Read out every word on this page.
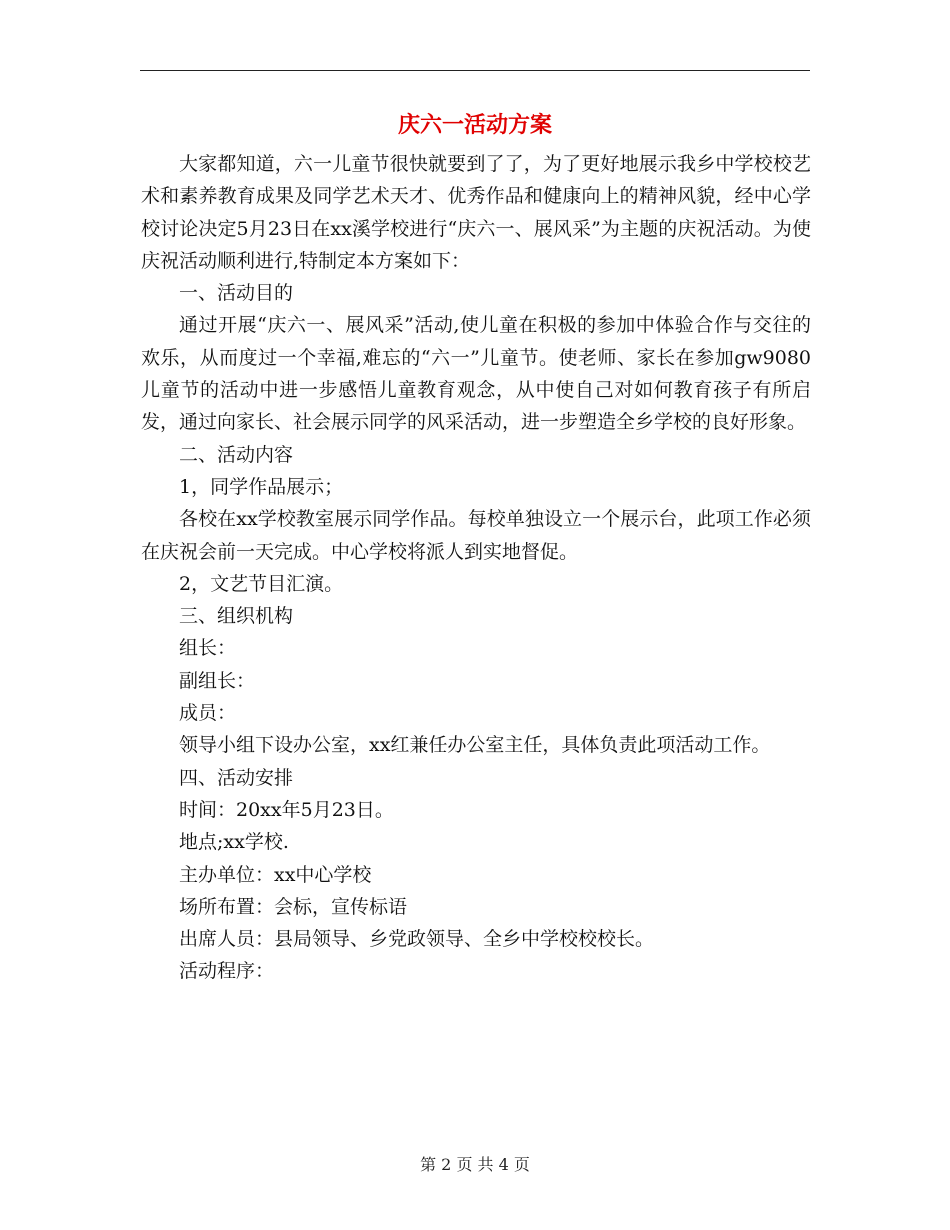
庆六一活动方案

大家都知道，六一儿童节很快就要到了了，为了更好地展示我乡中学校校艺术和素养教育成果及同学艺术天才、优秀作品和健康向上的精神风貌，经中心学校讨论决定5月23日在xx溪学校进行“庆六一、展风采”为主题的庆祝活动。为使庆祝活动顺利进行,特制定本方案如下：

一、活动目的

通过开展“庆六一、展风采”活动,使儿童在积极的参加中体验合作与交往的欢乐，从而度过一个幸福,难忘的“六一”儿童节。使老师、家长在参加gw9080儿童节的活动中进一步感悟儿童教育观念，从中使自己对如何教育孩子有所启发，通过向家长、社会展示同学的风采活动，进一步塑造全乡学校的良好形象。

二、活动内容

1，同学作品展示；

各校在xx学校教室展示同学作品。每校单独设立一个展示台，此项工作必须在庆祝会前一天完成。中心学校将派人到实地督促。

2，文艺节目汇演。

三、组织机构

组长：

副组长：

成员：

领导小组下设办公室，xx红兼任办公室主任，具体负责此项活动工作。

四、活动安排

时间：20xx年5月23日。

地点;xx学校.

主办单位：xx中心学校

场所布置：会标，宣传标语

出席人员：县局领导、乡党政领导、全乡中学校校校长。

活动程序：

第 2 页 共 4 页
